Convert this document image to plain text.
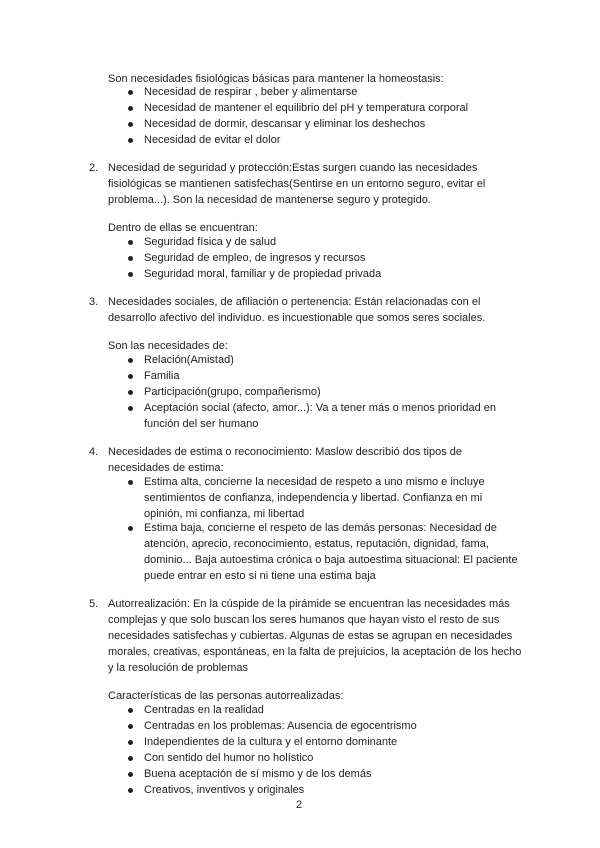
Son necesidades fisiológicas básicas para mantener la homeostasis:
Necesidad de respirar , beber y alimentarse
Necesidad de mantener el equilibrio del pH y temperatura corporal
Necesidad de dormir, descansar y eliminar los deshechos
Necesidad de evitar el dolor
2. Necesidad de seguridad y protección:Estas surgen cuando las necesidades
fisiológicas se mantienen satisfechas(Sentirse en un entorno seguro, evitar el
problema...). Son la necesidad de mantenerse seguro y protegido.
Dentro de ellas se encuentran:
Seguridad física y de salud
Seguridad de empleo, de ingresos y recursos
Seguridad moral, familiar y de propiedad privada
3. Necesidades sociales, de afiliación o pertenencia: Están relacionadas con el
desarrollo afectivo del individuo. es incuestionable que somos seres sociales.
Son las necesidades de:
Relación(Amistad)
Familia
Participación(grupo, compañerismo)
Aceptación social (afecto, amor...): Va a tener más o menos prioridad en
función del ser humano
4. Necesidades de estima o reconocimiento: Maslow describió dos tipos de
necesidades de estima:
Estima alta, concierne la necesidad de respeto a uno mismo e incluye
sentimientos de confianza, independencia y libertad. Confianza en mi
opinión, mi confianza, mi libertad
Estima baja, concierne el respeto de las demás personas: Necesidad de
atención, aprecio, reconocimiento, estatus, reputación, dignidad, fama,
dominio... Baja autoestima crónica o baja autoestima situacional: El paciente
puede entrar en esto si ni tiene una estima baja
5. Autorrealización: En la cúspide de la pirámide se encuentran las necesidades más
complejas y que solo buscan los seres humanos que hayan visto el resto de sus
necesidades satisfechas y cubiertas. Algunas de estas se agrupan en necesidades
morales, creativas, espontáneas, en la falta de prejuicios, la aceptación de los hecho
y la resolución de problemas
Características de las personas autorrealizadas:
Centradas en la realidad
Centradas en los problemas: Ausencia de egocentrismo
Independientes de la cultura y el entorno dominante
Con sentido del humor no holístico
Buena aceptación de sí mismo y de los demás
Creativos, inventivos y originales
2
